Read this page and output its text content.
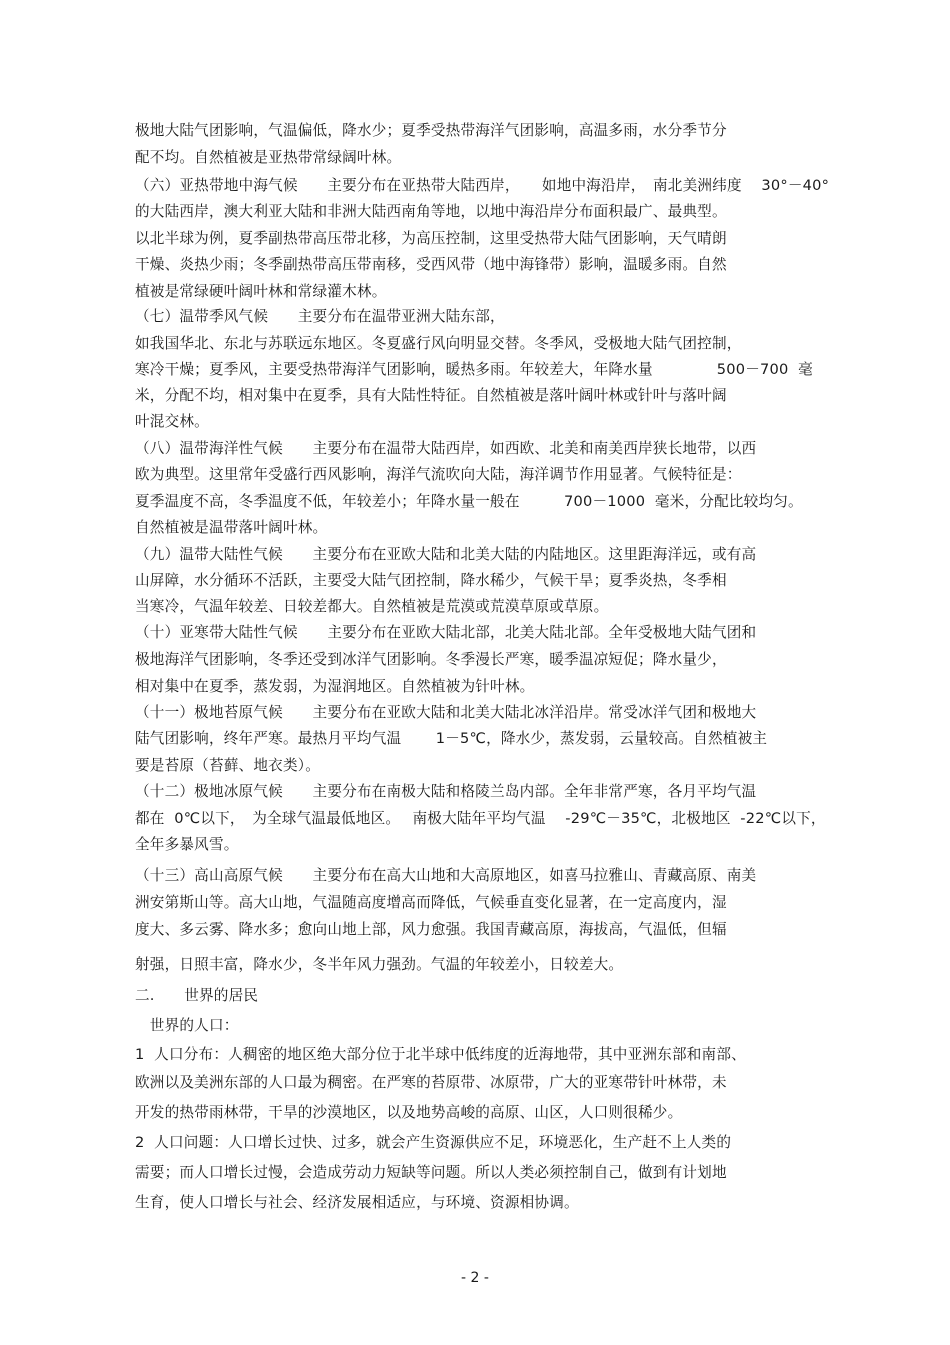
极地大陆气团影响，气温偏低，降水少；夏季受热带海洋气团影响，高温多雨，水分季节分
配不均。自然植被是亚热带常绿阔叶林。
（六）亚热带地中海气候　　主要分布在亚热带大陆西岸，　　如地中海沿岸，　南北美洲纬度　 30°－40°
的大陆西岸，澳大利亚大陆和非洲大陆西南角等地，以地中海沿岸分布面积最广、最典型。
以北半球为例，夏季副热带高压带北移，为高压控制，这里受热带大陆气团影响，天气晴朗
干燥、炎热少雨；冬季副热带高压带南移，受西风带（地中海锋带）影响，温暖多雨。自然
植被是常绿硬叶阔叶林和常绿灌木林。
（七）温带季风气候　　主要分布在温带亚洲大陆东部，
如我国华北、东北与苏联远东地区。冬夏盛行风向明显交替。冬季风，受极地大陆气团控制，
寒冷干燥；夏季风，主要受热带海洋气团影响，暖热多雨。年较差大，年降水量　　　　 500－700  毫
米，分配不均，相对集中在夏季，具有大陆性特征。自然植被是落叶阔叶林或针叶与落叶阔
叶混交林。
（八）温带海洋性气候　　主要分布在温带大陆西岸，如西欧、北美和南美西岸狭长地带，以西
欧为典型。这里常年受盛行西风影响，海洋气流吹向大陆，海洋调节作用显著。气候特征是：
夏季温度不高，冬季温度不低，年较差小；年降水量一般在　　　700－1000  毫米，分配比较均匀。
自然植被是温带落叶阔叶林。
（九）温带大陆性气候　　主要分布在亚欧大陆和北美大陆的内陆地区。这里距海洋远，或有高
山屏障，水分循环不活跃，主要受大陆气团控制，降水稀少，气候干旱；夏季炎热，冬季相
当寒冷，气温年较差、日较差都大。自然植被是荒漠或荒漠草原或草原。
（十）亚寒带大陆性气候　　主要分布在亚欧大陆北部，北美大陆北部。全年受极地大陆气团和
极地海洋气团影响，冬季还受到冰洋气团影响。冬季漫长严寒，暖季温凉短促；降水量少，
相对集中在夏季，蒸发弱，为湿润地区。自然植被为针叶林。
（十一）极地苔原气候　　主要分布在亚欧大陆和北美大陆北冰洋沿岸。常受冰洋气团和极地大
陆气团影响，终年严寒。最热月平均气温　　 1－5℃，降水少，蒸发弱，云量较高。自然植被主
要是苔原（苔藓、地衣类）。
（十二）极地冰原气候　　主要分布在南极大陆和格陵兰岛内部。全年非常严寒，各月平均气温
都在  0℃以下，　为全球气温最低地区。　 南极大陆年平均气温　 -29℃－35℃，北极地区  -22℃以下，
全年多暴风雪。
（十三）高山高原气候　　主要分布在高大山地和大高原地区，如喜马拉雅山、青藏高原、南美
洲安第斯山等。高大山地，气温随高度增高而降低，气候垂直变化显著，在一定高度内，湿
度大、多云雾、降水多；愈向山地上部，风力愈强。我国青藏高原，海拔高，气温低，但辐
射强，日照丰富，降水少，冬半年风力强劲。气温的年较差小，日较差大。
二.　　世界的居民
　世界的人口：
1  人口分布：人稠密的地区绝大部分位于北半球中低纬度的近海地带，其中亚洲东部和南部、
欧洲以及美洲东部的人口最为稠密。在严寒的苔原带、冰原带，广大的亚寒带针叶林带，未
开发的热带雨林带，干旱的沙漠地区，以及地势高峻的高原、山区，人口则很稀少。
2  人口问题：人口增长过快、过多，就会产生资源供应不足，环境恶化，生产赶不上人类的
需要；而人口增长过慢，会造成劳动力短缺等问题。所以人类必须控制自己，做到有计划地
生育，使人口增长与社会、经济发展相适应，与环境、资源相协调。
- 2 -
